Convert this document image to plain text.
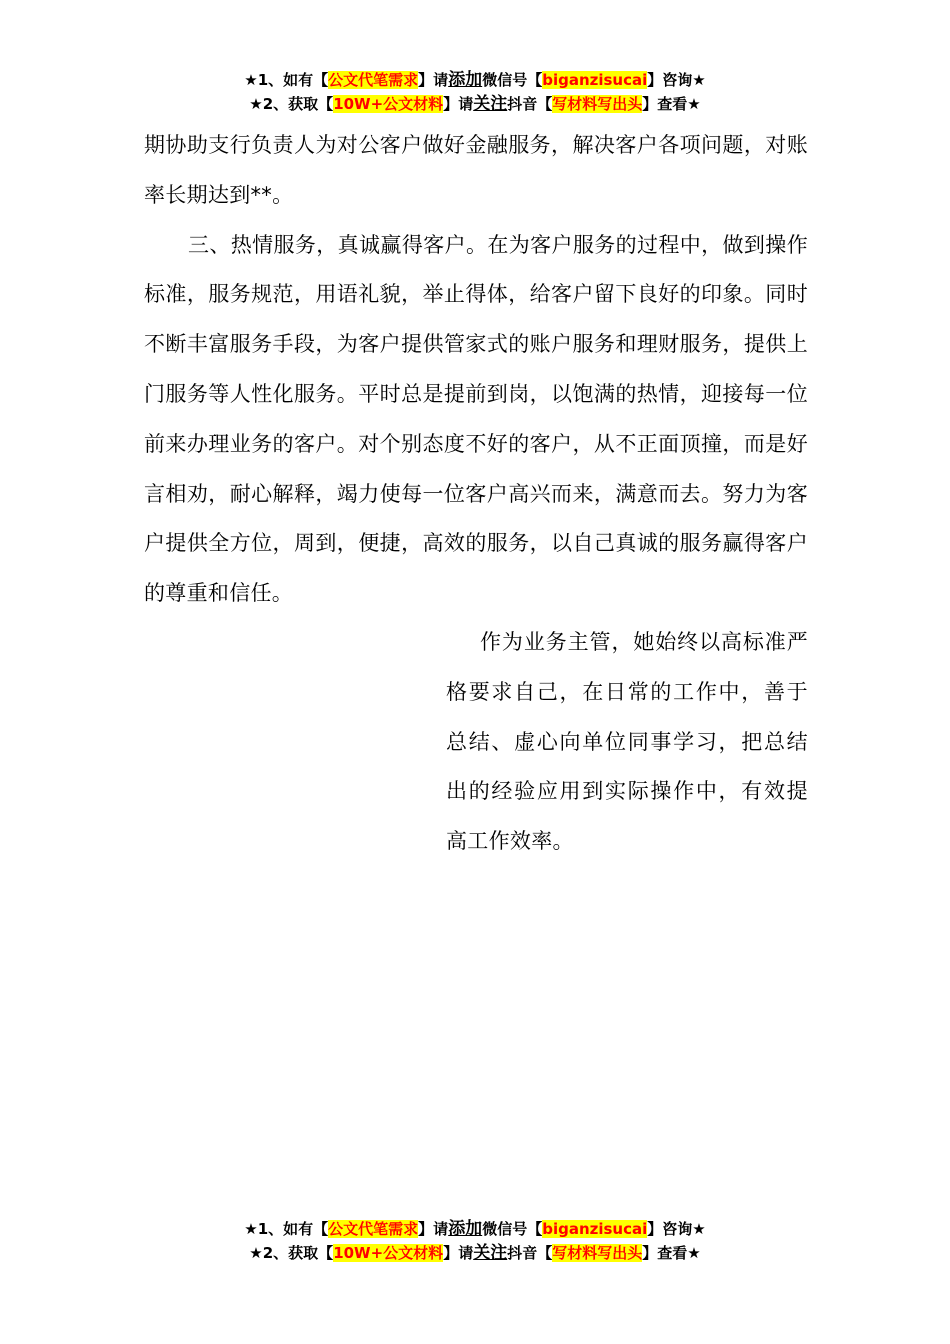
★1、如有【公文代笔需求】请添加微信号【biganzisucai】咨询★
★2、获取【10W+公文材料】请关注抖音【写材料写出头】查看★

期协助支行负责人为对公客户做好金融服务，解决客户各项问题，对账率长期达到**。

三、热情服务，真诚赢得客户。在为客户服务的过程中，做到操作标准，服务规范，用语礼貌，举止得体，给客户留下良好的印象。同时不断丰富服务手段，为客户提供管家式的账户服务和理财服务，提供上门服务等人性化服务。平时总是提前到岗，以饱满的热情，迎接每一位前来办理业务的客户。对个别态度不好的客户，从不正面顶撞，而是好言相劝，耐心解释，竭力使每一位客户高兴而来，满意而去。努力为客户提供全方位，周到，便捷，高效的服务，以自己真诚的服务赢得客户的尊重和信任。

作为业务主管，她始终以高标准严格要求自己，在日常的工作中，善于总结、虚心向单位同事学习，把总结出的经验应用到实际操作中，有效提高工作效率。

★1、如有【公文代笔需求】请添加微信号【biganzisucai】咨询★
★2、获取【10W+公文材料】请关注抖音【写材料写出头】查看★
